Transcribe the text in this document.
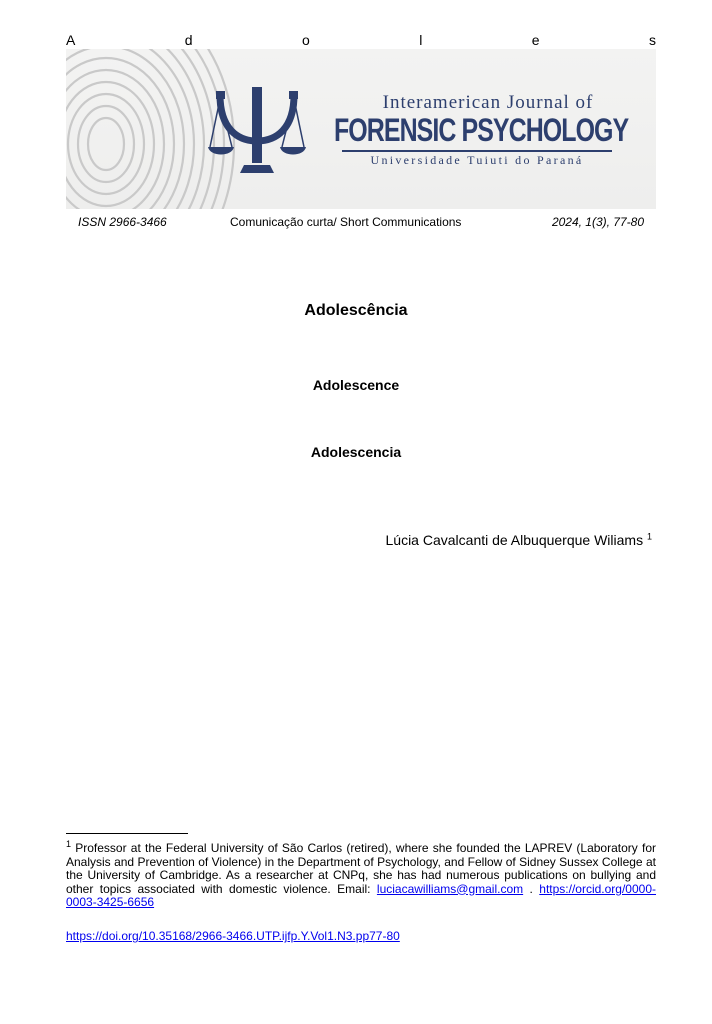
A	d	o	l	e	s
Interamerican Journal of
FORENSIC PSYCHOLOGY
Universidade Tuiuti do Paraná
ISSN 2966-3466	Comunicação curta/ Short Communications	2024, 1(3), 77-80
Adolescência
Adolescence
Adolescencia
Lúcia Cavalcanti de Albuquerque Wiliams $^1$
$^1$ Professor at the Federal University of São Carlos (retired), where she founded the LAPREV (Laboratory for Analysis and Prevention of Violence) in the Department of Psychology, and Fellow of Sidney Sussex College at the University of Cambridge. As a researcher at CNPq, she has had numerous publications on bullying and other topics associated with domestic violence. Email: luciacawilliams@gmail.com . https://orcid.org/0000-0003-3425-6656
https://doi.org/10.35168/2966-3466.UTP.ijfp.Y.Vol1.N3.pp77-80
